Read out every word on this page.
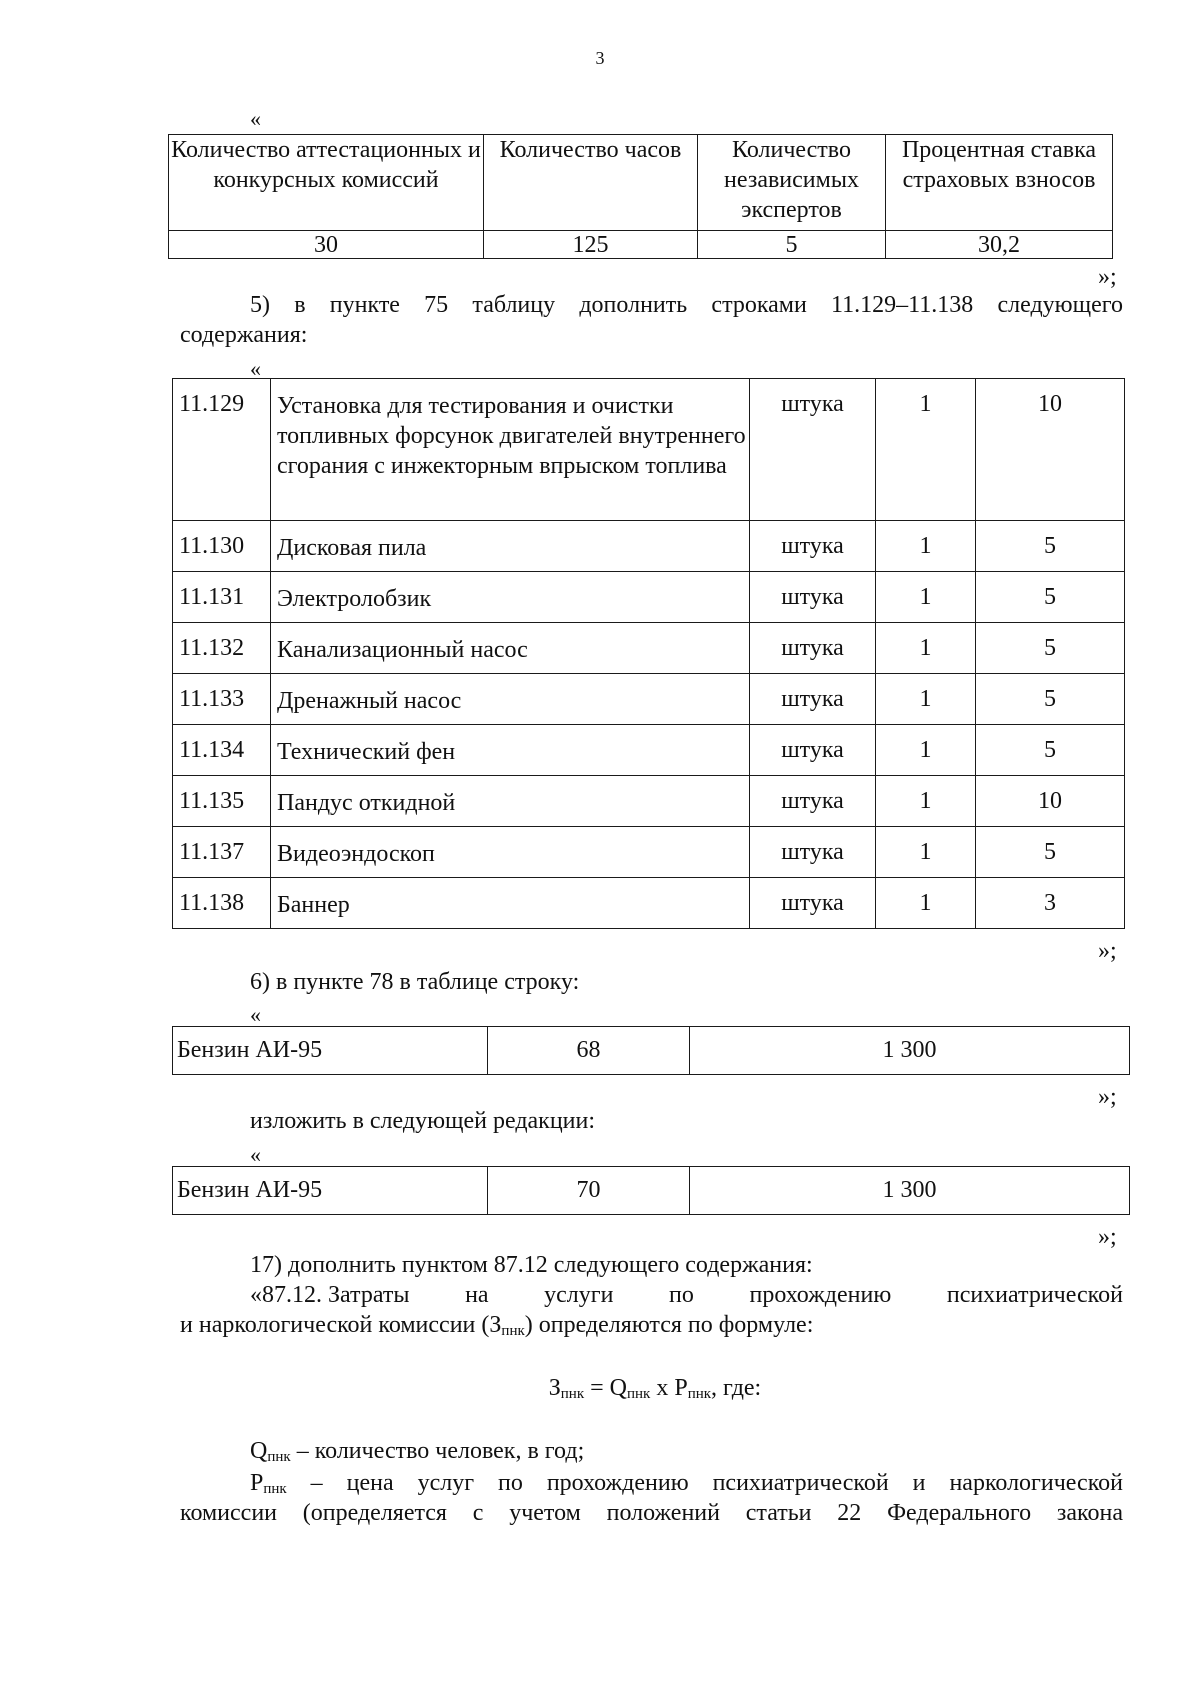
3
«
Количество аттестационных и конкурсных комиссий	Количество часов	Количество независимых экспертов	Процентная ставка страховых взносов
30	125	5	30,2
»;
5) в пункте 75 таблицу дополнить строками 11.129–11.138 следующего
содержания:
«
11.129	Установка для тестирования и очистки топливных форсунок двигателей внутреннего сгорания с инжекторным впрыском топлива	штука	1	10
11.130	Дисковая пила	штука	1	5
11.131	Электролобзик	штука	1	5
11.132	Канализационный насос	штука	1	5
11.133	Дренажный насос	штука	1	5
11.134	Технический фен	штука	1	5
11.135	Пандус откидной	штука	1	10
11.137	Видеоэндоскоп	штука	1	5
11.138	Баннер	штука	1	3
»;
6) в пункте 78 в таблице строку:
«
Бензин АИ-95	68	1 300
»;
изложить в следующей редакции:
«
Бензин АИ-95	70	1 300
»;
17) дополнить пунктом 87.12 следующего содержания:
«87.12. Затраты на услуги по прохождению психиатрической
и наркологической комиссии $(З_{пнк})$ определяются по формуле:
$З_{пнк} = Q_{пнк}$ х $Р_{пнк}$, где:
$Q_{пнк}$ – количество человек, в год;
$Р_{пнк}$ – цена услуг по прохождению психиатрической и наркологической
комиссии (определяется с учетом положений статьи 22 Федерального закона
